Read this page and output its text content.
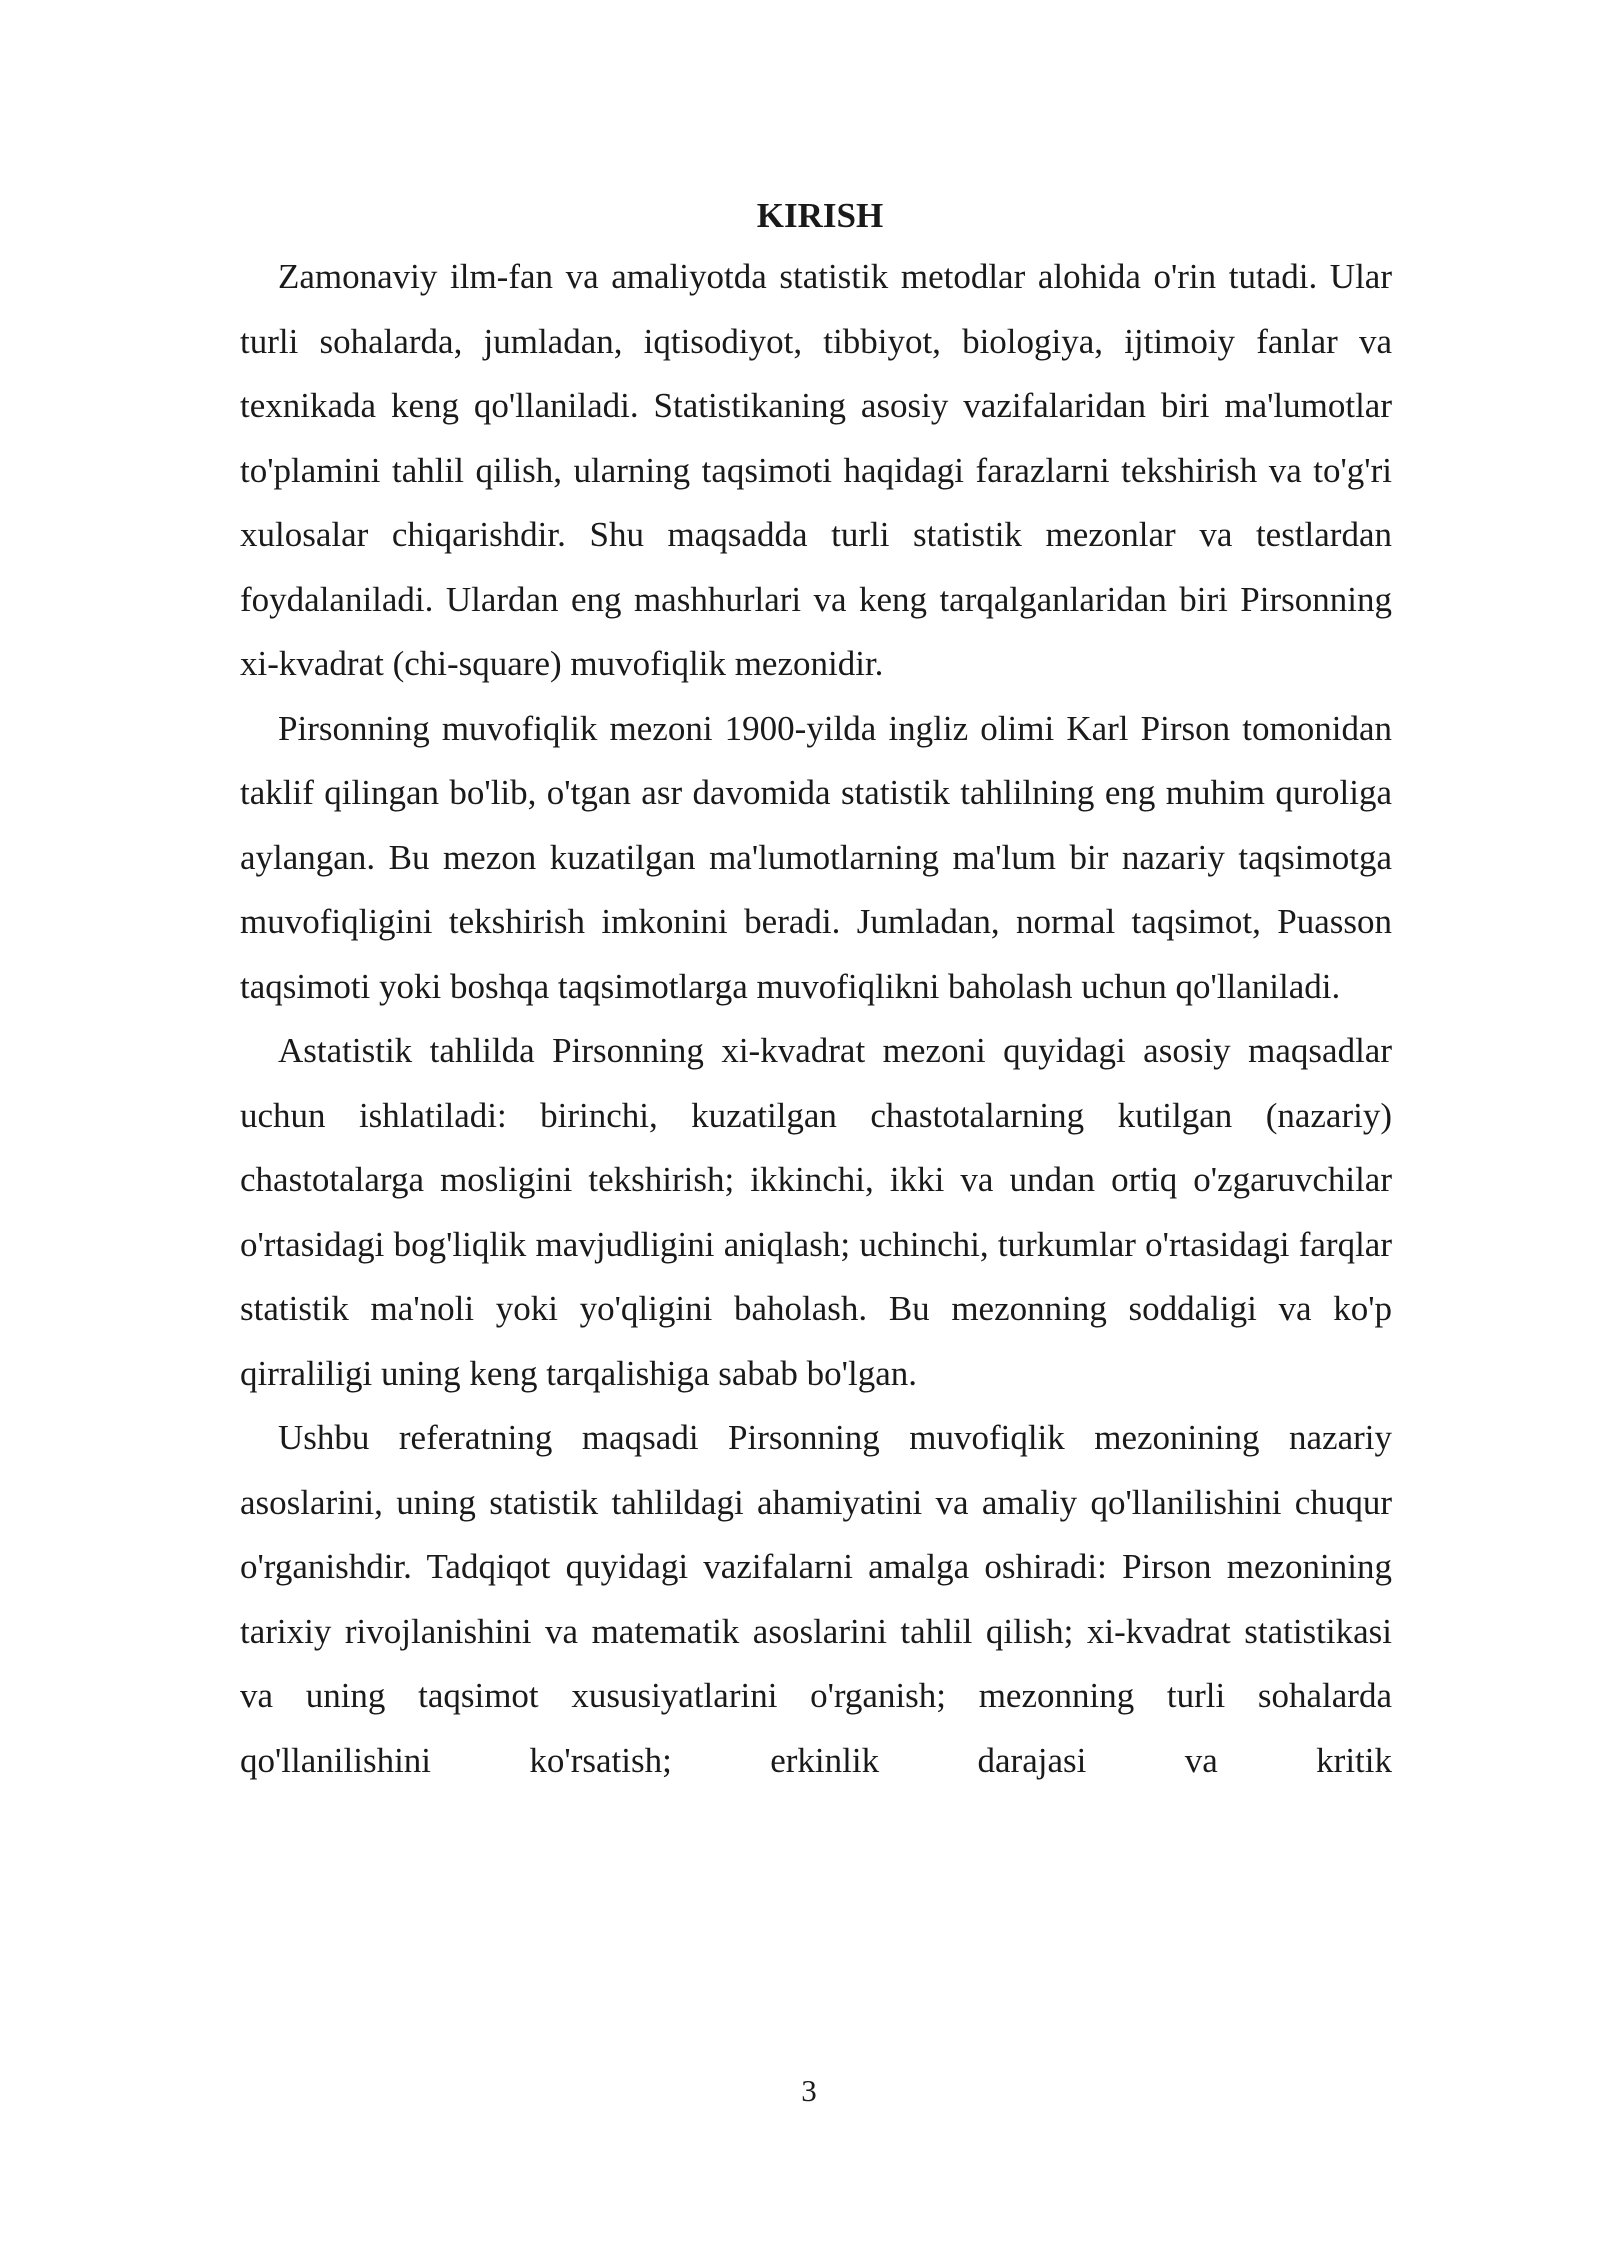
KIRISH

Zamonaviy ilm-fan va amaliyotda statistik metodlar alohida o'rin tutadi. Ular turli sohalarda, jumladan, iqtisodiyot, tibbiyot, biologiya, ijtimoiy fanlar va texnikada keng qo'llaniladi. Statistikaning asosiy vazifalaridan biri ma'lumotlar to'plamini tahlil qilish, ularning taqsimoti haqidagi farazlarni tekshirish va to'g'ri xulosalar chiqarishdir. Shu maqsadda turli statistik mezonlar va testlardan foydalaniladi. Ulardan eng mashhurlari va keng tarqalganlaridan biri Pirsonning xi-kvadrat (chi-square) muvofiqlik mezonidir.

Pirsonning muvofiqlik mezoni 1900-yilda ingliz olimi Karl Pirson tomonidan taklif qilingan bo'lib, o'tgan asr davomida statistik tahlilning eng muhim quroliga aylangan. Bu mezon kuzatilgan ma'lumotlarning ma'lum bir nazariy taqsimotga muvofiqligini tekshirish imkonini beradi. Jumladan, normal taqsimot, Puasson taqsimoti yoki boshqa taqsimotlarga muvofiqlikni baholash uchun qo'llaniladi.

Astatistik tahlilda Pirsonning xi-kvadrat mezoni quyidagi asosiy maqsadlar uchun ishlatiladi: birinchi, kuzatilgan chastotalarning kutilgan (nazariy) chastotalarga mosligini tekshirish; ikkinchi, ikki va undan ortiq o'zgaruvchilar o'rtasidagi bog'liqlik mavjudligini aniqlash; uchinchi, turkumlar o'rtasidagi farqlar statistik ma'noli yoki yo'qligini baholash. Bu mezonning soddaligi va ko'p qirraliligi uning keng tarqalishiga sabab bo'lgan.

Ushbu referatning maqsadi Pirsonning muvofiqlik mezonining nazariy asoslarini, uning statistik tahlildagi ahamiyatini va amaliy qo'llanilishini chuqur o'rganishdir. Tadqiqot quyidagi vazifalarni amalga oshiradi: Pirson mezonining tarixiy rivojlanishini va matematik asoslarini tahlil qilish; xi-kvadrat statistikasi va uning taqsimot xususiyatlarini o'rganish; mezonning turli sohalarda qo'llanilishini ko'rsatish; erkinlik darajasi va kritik

3
